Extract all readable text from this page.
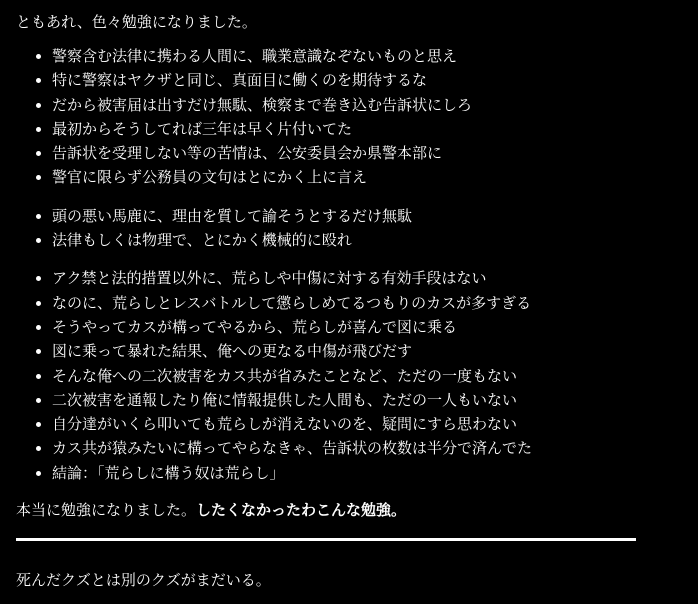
ともあれ、色々勉強になりました。

警察含む法律に携わる人間に、職業意識なぞないものと思え
特に警察はヤクザと同じ、真面目に働くのを期待するな
だから被害届は出すだけ無駄、検察まで巻き込む告訴状にしろ
最初からそうしてれば三年は早く片付いてた
告訴状を受理しない等の苦情は、公安委員会か県警本部に
警官に限らず公務員の文句はとにかく上に言え
頭の悪い馬鹿に、理由を質して諭そうとするだけ無駄
法律もしくは物理で、とにかく機械的に殴れ
アク禁と法的措置以外に、荒らしや中傷に対する有効手段はない
なのに、荒らしとレスバトルして懲らしめてるつもりのカスが多すぎる
そうやってカスが構ってやるから、荒らしが喜んで図に乗る
図に乗って暴れた結果、俺への更なる中傷が飛びだす
そんな俺への二次被害をカス共が省みたことなど、ただの一度もない
二次被害を通報したり俺に情報提供した人間も、ただの一人もいない
自分達がいくら叩いても荒らしが消えないのを、疑問にすら思わない
カス共が猿みたいに構ってやらなきゃ、告訴状の枚数は半分で済んでた
結論：「荒らしに構う奴は荒らし」

本当に勉強になりました。したくなかったわこんな勉強。

死んだクズとは別のクズがまだいる。
